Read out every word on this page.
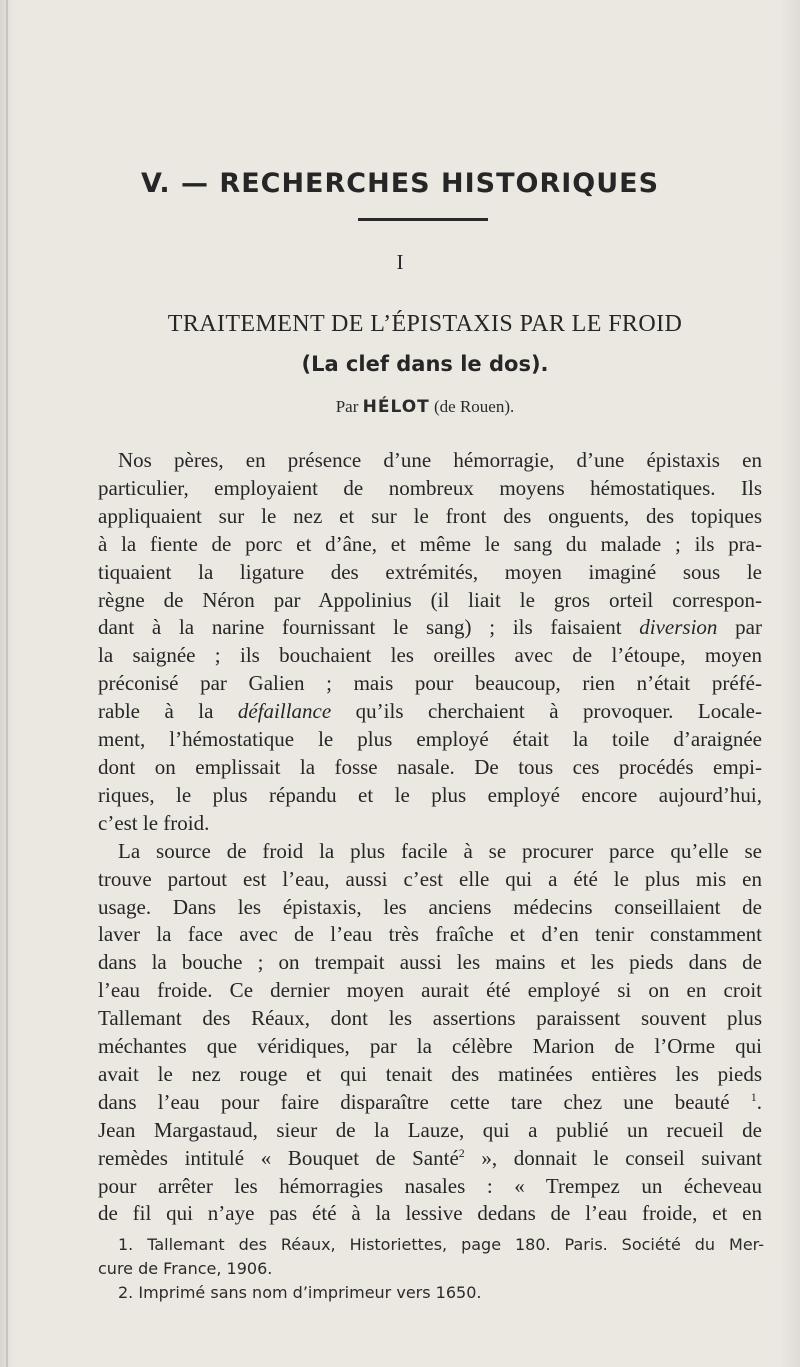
V. — RECHERCHES HISTORIQUES
I
TRAITEMENT DE L’ÉPISTAXIS PAR LE FROID
(La clef dans le dos).
Par HÉLOT (de Rouen).
Nos pères, en présence d’une hémorragie, d’une épistaxis en
particulier, employaient de nombreux moyens hémostatiques. Ils
appliquaient sur le nez et sur le front des onguents, des topiques
à la fiente de porc et d’âne, et même le sang du malade ; ils pra-
tiquaient la ligature des extrémités, moyen imaginé sous le
règne de Néron par Appolinius (il liait le gros orteil correspon-
dant à la narine fournissant le sang) ; ils faisaient diversion par
la saignée ; ils bouchaient les oreilles avec de l’étoupe, moyen
préconisé par Galien ; mais pour beaucoup, rien n’était préfé-
rable à la défaillance qu’ils cherchaient à provoquer. Locale-
ment, l’hémostatique le plus employé était la toile d’araignée
dont on emplissait la fosse nasale. De tous ces procédés empi-
riques, le plus répandu et le plus employé encore aujourd’hui,
c’est le froid.
La source de froid la plus facile à se procurer parce qu’elle se
trouve partout est l’eau, aussi c’est elle qui a été le plus mis en
usage. Dans les épistaxis, les anciens médecins conseillaient de
laver la face avec de l’eau très fraîche et d’en tenir constamment
dans la bouche ; on trempait aussi les mains et les pieds dans de
l’eau froide. Ce dernier moyen aurait été employé si on en croit
Tallemant des Réaux, dont les assertions paraissent souvent plus
méchantes que véridiques, par la célèbre Marion de l’Orme qui
avait le nez rouge et qui tenait des matinées entières les pieds
dans l’eau pour faire disparaître cette tare chez une beauté $^1$.
Jean Margastaud, sieur de la Lauze, qui a publié un recueil de
remèdes intitulé « Bouquet de Santé$^2$ », donnait le conseil suivant
pour arrêter les hémorragies nasales : « Trempez un écheveau
de fil qui n’aye pas été à la lessive dedans de l’eau froide, et en
1. Tallemant des Réaux, Historiettes, page 180. Paris. Société du Mer-
cure de France, 1906.
2. Imprimé sans nom d’imprimeur vers 1650.
